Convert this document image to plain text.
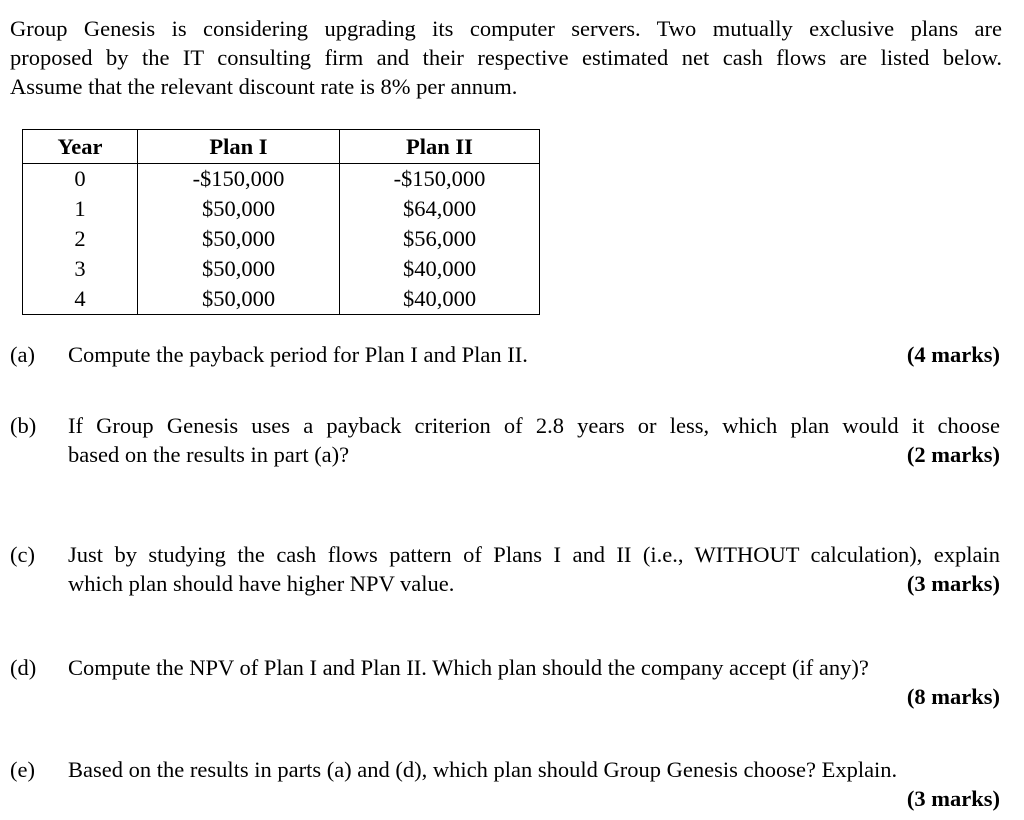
Group Genesis is considering upgrading its computer servers. Two mutually exclusive plans are
proposed by the IT consulting firm and their respective estimated net cash flows are listed below.
Assume that the relevant discount rate is 8% per annum.
Year	Plan I	Plan II
0	-$150,000	-$150,000
1	$50,000	$64,000
2	$50,000	$56,000
3	$50,000	$40,000
4	$50,000	$40,000
(a) Compute the payback period for Plan I and Plan II.	(4 marks)
(b) If Group Genesis uses a payback criterion of 2.8 years or less, which plan would it choose
based on the results in part (a)?	(2 marks)
(c) Just by studying the cash flows pattern of Plans I and II (i.e., WITHOUT calculation), explain
which plan should have higher NPV value.	(3 marks)
(d) Compute the NPV of Plan I and Plan II. Which plan should the company accept (if any)?
(8 marks)
(e) Based on the results in parts (a) and (d), which plan should Group Genesis choose? Explain.
(3 marks)
